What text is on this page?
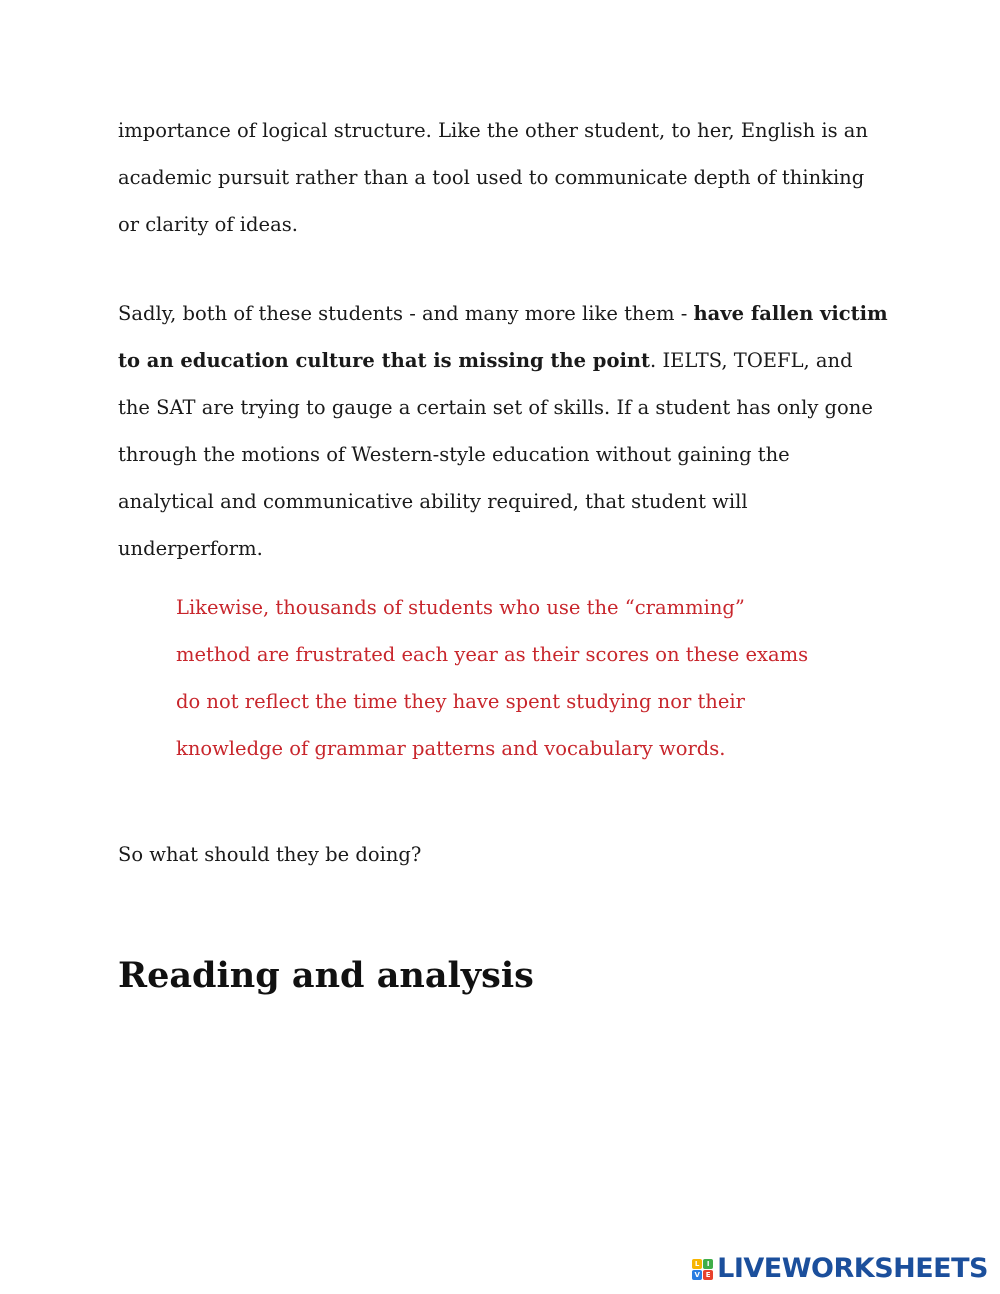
importance of logical structure. Like the other student, to her, English is an academic pursuit rather than a tool used to communicate depth of thinking or clarity of ideas.

Sadly, both of these students - and many more like them - have fallen victim to an education culture that is missing the point. IELTS, TOEFL, and the SAT are trying to gauge a certain set of skills. If a student has only gone through the motions of Western-style education without gaining the analytical and communicative ability required, that student will underperform.

Likewise, thousands of students who use the “cramming” method are frustrated each year as their scores on these exams do not reflect the time they have spent studying nor their knowledge of grammar patterns and vocabulary words.

So what should they be doing?

Reading and analysis
L	I
V E LIVEWORKSHEETS
